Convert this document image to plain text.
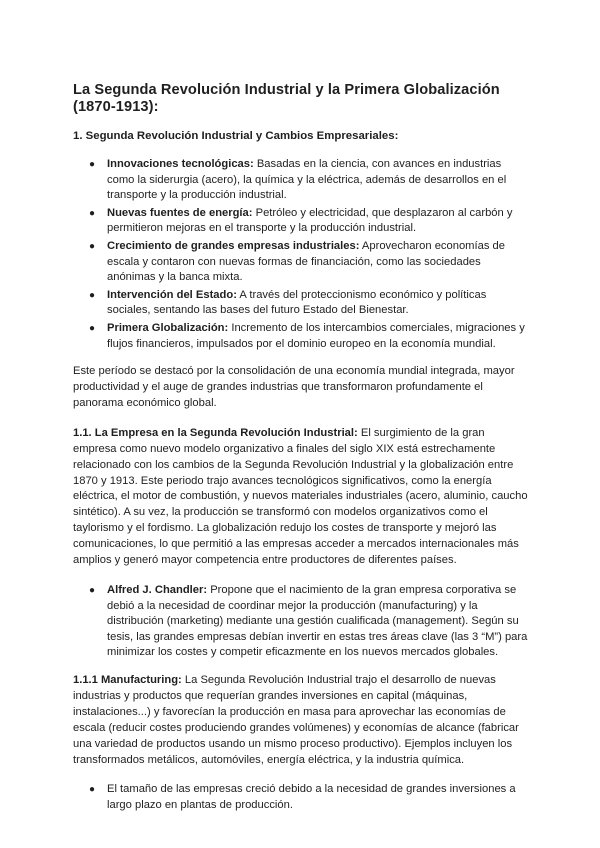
La Segunda Revolución Industrial y la Primera Globalización (1870-1913):
1. Segunda Revolución Industrial y Cambios Empresariales:
● Innovaciones tecnológicas: Basadas en la ciencia, con avances en industrias como la siderurgia (acero), la química y la eléctrica, además de desarrollos en el transporte y la producción industrial.
● Nuevas fuentes de energía: Petróleo y electricidad, que desplazaron al carbón y permitieron mejoras en el transporte y la producción industrial.
● Crecimiento de grandes empresas industriales: Aprovecharon economías de escala y contaron con nuevas formas de financiación, como las sociedades anónimas y la banca mixta.
● Intervención del Estado: A través del proteccionismo económico y políticas sociales, sentando las bases del futuro Estado del Bienestar.
● Primera Globalización: Incremento de los intercambios comerciales, migraciones y flujos financieros, impulsados por el dominio europeo en la economía mundial.

Este período se destacó por la consolidación de una economía mundial integrada, mayor productividad y el auge de grandes industrias que transformaron profundamente el panorama económico global.

1.1. La Empresa en la Segunda Revolución Industrial: El surgimiento de la gran empresa como nuevo modelo organizativo a finales del siglo XIX está estrechamente relacionado con los cambios de la Segunda Revolución Industrial y la globalización entre 1870 y 1913. Este periodo trajo avances tecnológicos significativos, como la energía eléctrica, el motor de combustión, y nuevos materiales industriales (acero, aluminio, caucho sintético). A su vez, la producción se transformó con modelos organizativos como el taylorismo y el fordismo. La globalización redujo los costes de transporte y mejoró las comunicaciones, lo que permitió a las empresas acceder a mercados internacionales más amplios y generó mayor competencia entre productores de diferentes países.

● Alfred J. Chandler: Propone que el nacimiento de la gran empresa corporativa se debió a la necesidad de coordinar mejor la producción (manufacturing) y la distribución (marketing) mediante una gestión cualificada (management). Según su tesis, las grandes empresas debían invertir en estas tres áreas clave (las 3 “M”) para minimizar los costes y competir eficazmente en los nuevos mercados globales.

1.1.1 Manufacturing: La Segunda Revolución Industrial trajo el desarrollo de nuevas industrias y productos que requerían grandes inversiones en capital (máquinas, instalaciones...) y favorecían la producción en masa para aprovechar las economías de escala (reducir costes produciendo grandes volúmenes) y economías de alcance (fabricar una variedad de productos usando un mismo proceso productivo). Ejemplos incluyen los transformados metálicos, automóviles, energía eléctrica, y la industria química.

● El tamaño de las empresas creció debido a la necesidad de grandes inversiones a largo plazo en plantas de producción.
